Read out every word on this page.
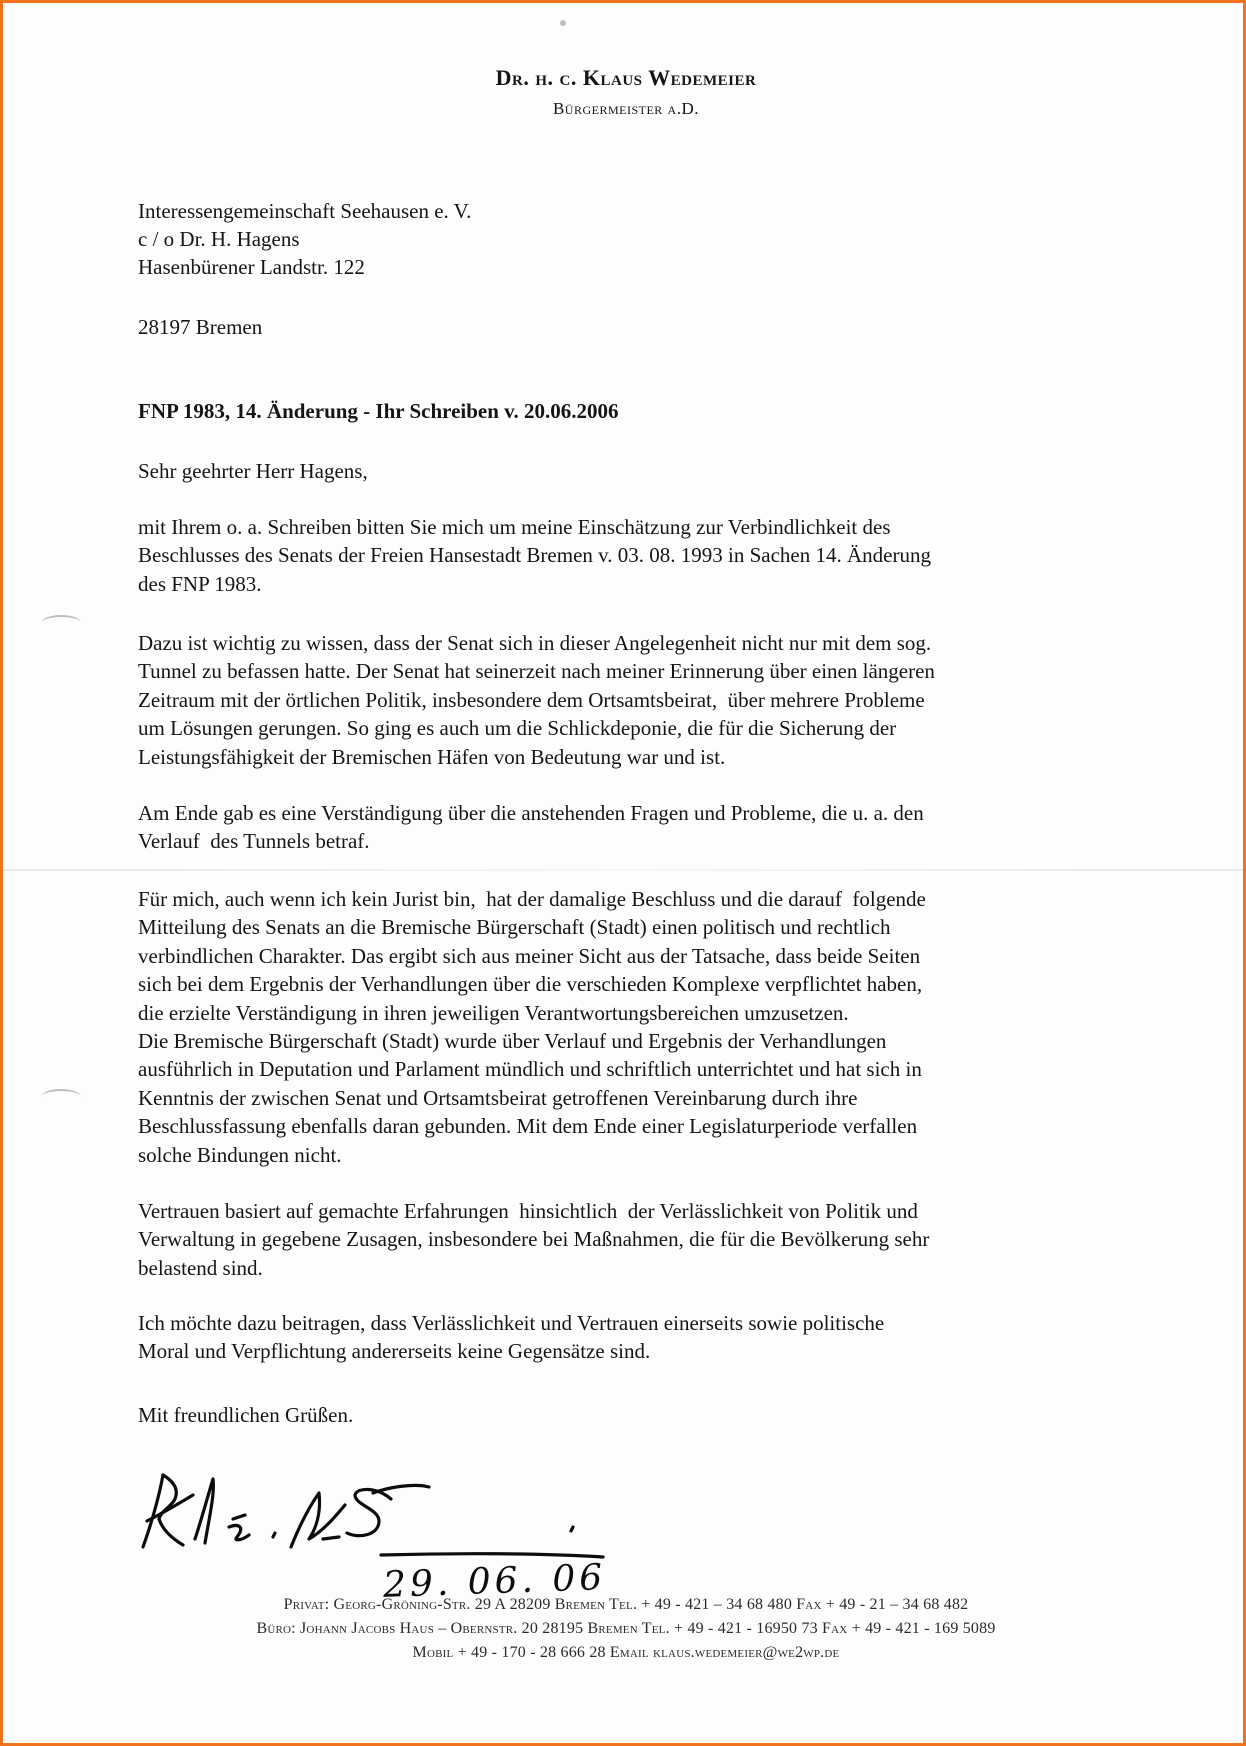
Dr. h. c. Klaus Wedemeier
Bürgermeister a.D.
Interessengemeinschaft Seehausen e. V.
c / o Dr. H. Hagens
Hasenbürener Landstr. 122
28197 Bremen
FNP 1983, 14. Änderung - Ihr Schreiben v. 20.06.2006
Sehr geehrter Herr Hagens,
mit Ihrem o. a. Schreiben bitten Sie mich um meine Einschätzung zur Verbindlichkeit des
Beschlusses des Senats der Freien Hansestadt Bremen v. 03. 08. 1993 in Sachen 14. Änderung
des FNP 1983.
Dazu ist wichtig zu wissen, dass der Senat sich in dieser Angelegenheit nicht nur mit dem sog.
Tunnel zu befassen hatte. Der Senat hat seinerzeit nach meiner Erinnerung über einen längeren
Zeitraum mit der örtlichen Politik, insbesondere dem Ortsamtsbeirat,  über mehrere Probleme
um Lösungen gerungen. So ging es auch um die Schlickdeponie, die für die Sicherung der
Leistungsfähigkeit der Bremischen Häfen von Bedeutung war und ist.
Am Ende gab es eine Verständigung über die anstehenden Fragen und Probleme, die u. a. den
Verlauf  des Tunnels betraf.
Für mich, auch wenn ich kein Jurist bin,  hat der damalige Beschluss und die darauf  folgende
Mitteilung des Senats an die Bremische Bürgerschaft (Stadt) einen politisch und rechtlich
verbindlichen Charakter. Das ergibt sich aus meiner Sicht aus der Tatsache, dass beide Seiten
sich bei dem Ergebnis der Verhandlungen über die verschieden Komplexe verpflichtet haben,
die erzielte Verständigung in ihren jeweiligen Verantwortungsbereichen umzusetzen.
Die Bremische Bürgerschaft (Stadt) wurde über Verlauf und Ergebnis der Verhandlungen
ausführlich in Deputation und Parlament mündlich und schriftlich unterrichtet und hat sich in
Kenntnis der zwischen Senat und Ortsamtsbeirat getroffenen Vereinbarung durch ihre
Beschlussfassung ebenfalls daran gebunden. Mit dem Ende einer Legislaturperiode verfallen
solche Bindungen nicht.
Vertrauen basiert auf gemachte Erfahrungen  hinsichtlich  der Verlässlichkeit von Politik und
Verwaltung in gegebene Zusagen, insbesondere bei Maßnahmen, die für die Bevölkerung sehr
belastend sind.
Ich möchte dazu beitragen, dass Verlässlichkeit und Vertrauen einerseits sowie politische
Moral und Verpflichtung andererseits keine Gegensätze sind.
Mit freundlichen Grüßen.
29. 06. 06
Privat: Georg-Gröning-Str. 29 A 28209 Bremen Tel. + 49 - 421 – 34 68 480 Fax + 49 - 21 – 34 68 482
Büro: Johann Jacobs Haus – Obernstr. 20 28195 Bremen Tel. + 49 - 421 - 16950 73 Fax + 49 - 421 - 169 5089
Mobil + 49 - 170 - 28 666 28 Email klaus.wedemeier@we2wp.de
